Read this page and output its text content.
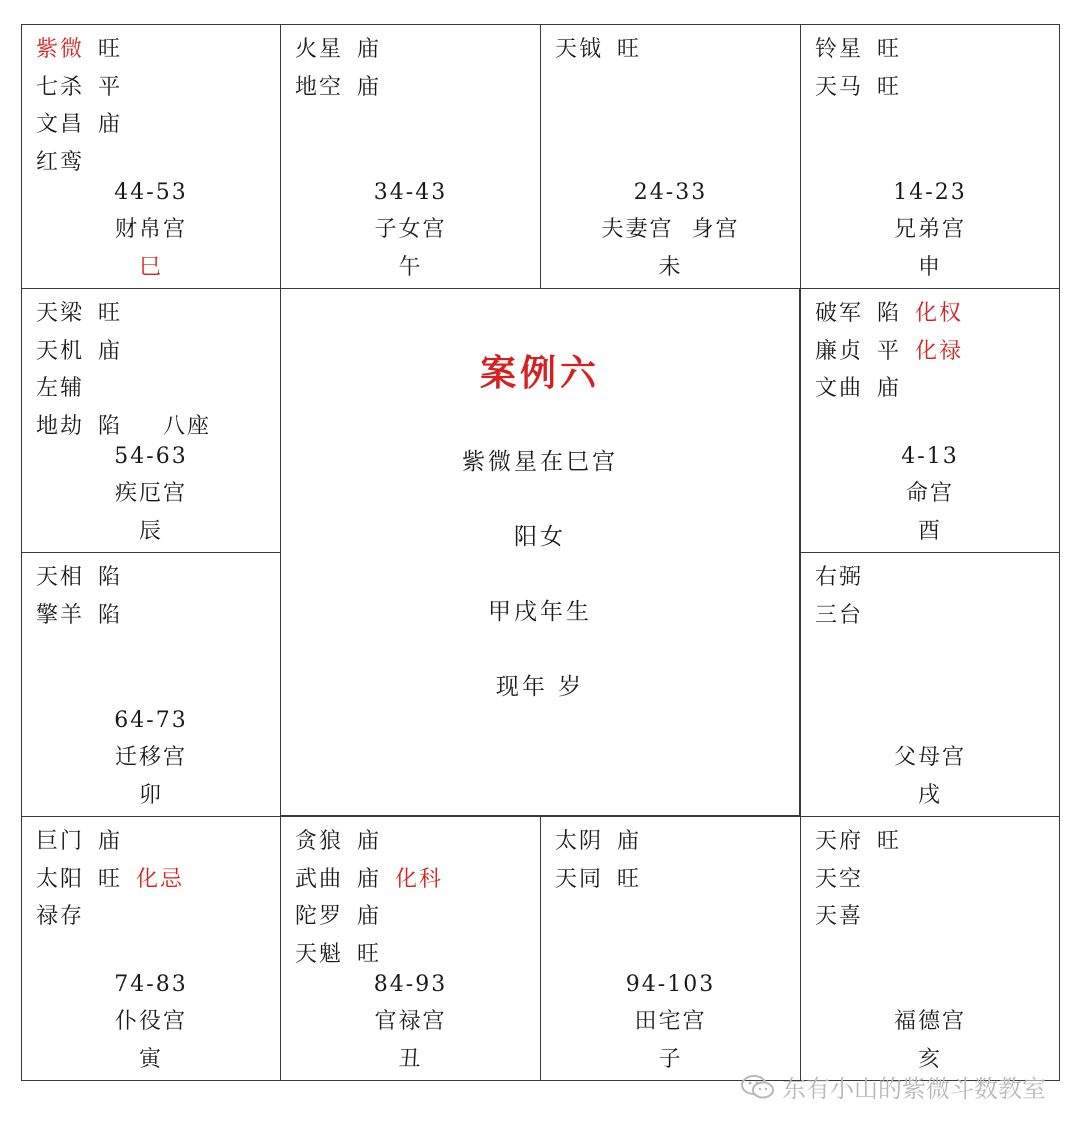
紫微 旺
七杀 平
文昌 庙
红鸾
44-53
财帛宫
巳
火星 庙
地空 庙
34-43
子女宫
午
天钺 旺
24-33
夫妻宫  身宫
未
铃星 旺
天马 旺
14-23
兄弟宫
申
天梁 旺
天机 庙
左辅
地劫 陷   八座
54-63
疾厄宫
辰
破军 陷 化权
廉贞 平 化禄
文曲 庙
4-13
命宫
酉
天相 陷
擎羊 陷
64-73
迁移宫
卯
右弼
三台
父母宫
戌
巨门 庙
太阳 旺 化忌
禄存
74-83
仆役宫
寅
贪狼 庙
武曲 庙 化科
陀罗 庙
天魁 旺
84-93
官禄宫
丑
太阴 庙
天同 旺
94-103
田宅宫
子
天府 旺
天空
天喜
福德宫
亥
案例六
紫微星在巳宫
阳女
甲戌年生
现年 岁
东有小山的紫微斗数教室
